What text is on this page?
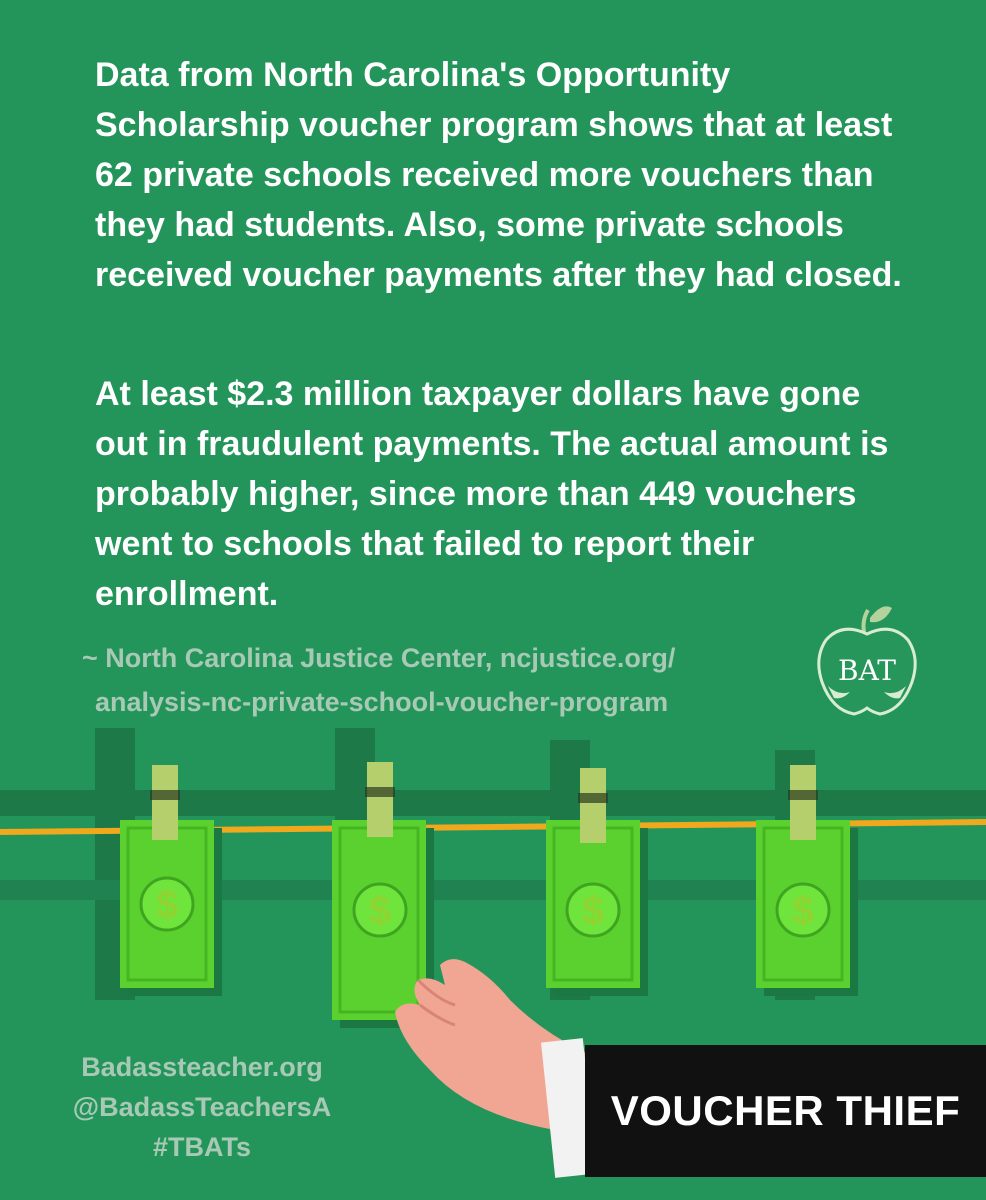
$	$	$	$

Data from North Carolina's Opportunity Scholarship voucher program shows that at least 62 private schools received more vouchers than they had students. Also, some private schools received voucher payments after they had closed.

At least $2.3 million taxpayer dollars have gone out in fraudulent payments. The actual amount is probably higher, since more than 449 vouchers went to schools that failed to report their enrollment.

~ North Carolina Justice Center, ncjustice.org/

analysis-nc-private-school-voucher-program

BAT
Badassteacher.org
@BadassTeachersA
#TBATs
VOUCHER THIEF
